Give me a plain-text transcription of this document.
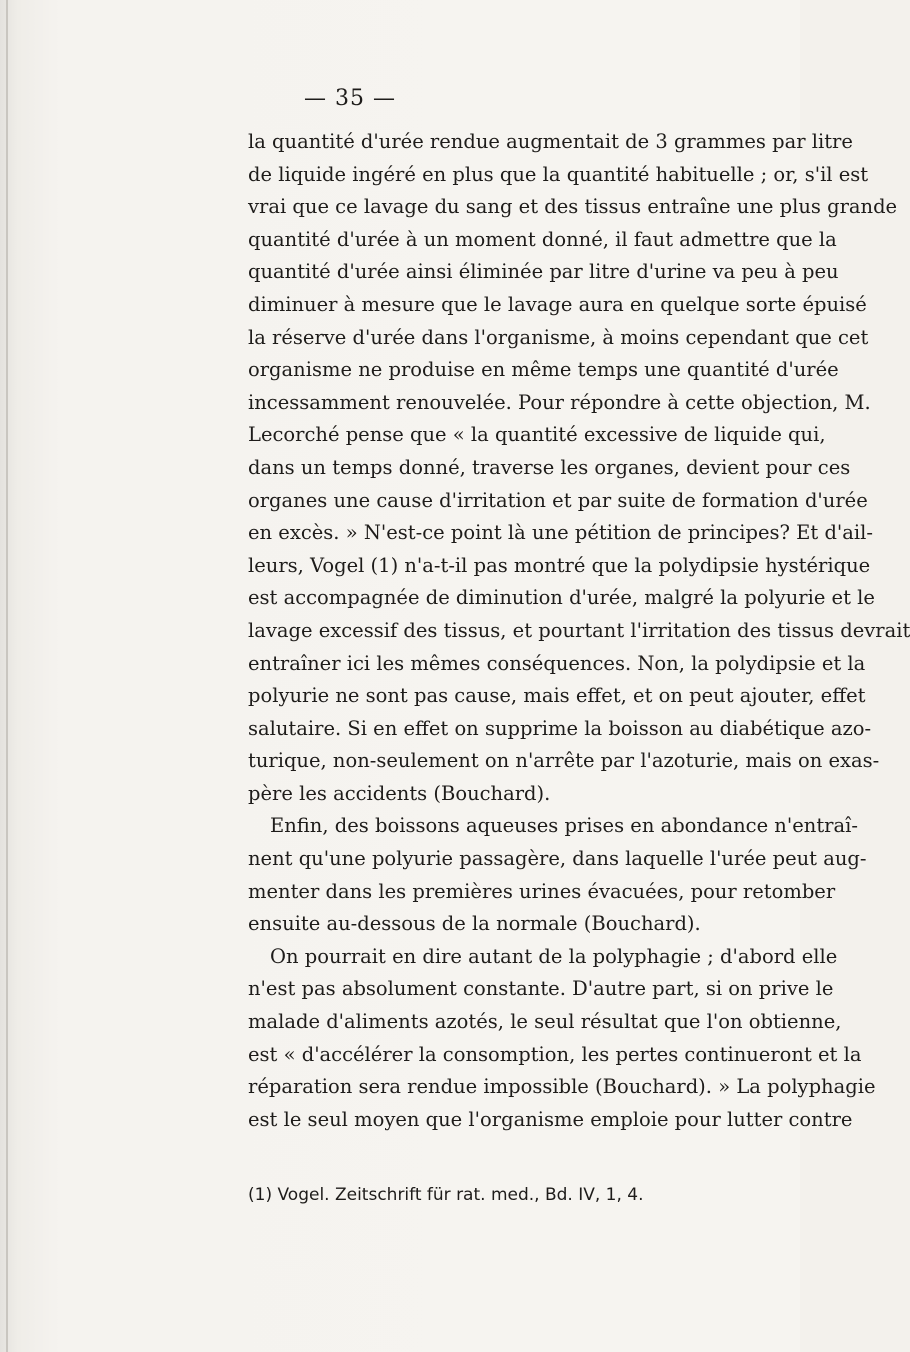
— 35 —
la quantité d'urée rendue augmentait de 3 grammes par litre
de liquide ingéré en plus que la quantité habituelle ; or, s'il est
vrai que ce lavage du sang et des tissus entraîne une plus grande
quantité d'urée à un moment donné, il faut admettre que la
quantité d'urée ainsi éliminée par litre d'urine va peu à peu
diminuer à mesure que le lavage aura en quelque sorte épuisé
la réserve d'urée dans l'organisme, à moins cependant que cet
organisme ne produise en même temps une quantité d'urée
incessamment renouvelée. Pour répondre à cette objection, M.
Lecorché pense que « la quantité excessive de liquide qui,
dans un temps donné, traverse les organes, devient pour ces
organes une cause d'irritation et par suite de formation d'urée
en excès. » N'est-ce point là une pétition de principes? Et d'ail-
leurs, Vogel (1) n'a-t-il pas montré que la polydipsie hystérique
est accompagnée de diminution d'urée, malgré la polyurie et le
lavage excessif des tissus, et pourtant l'irritation des tissus devrait
entraîner ici les mêmes conséquences. Non, la polydipsie et la
polyurie ne sont pas cause, mais effet, et on peut ajouter, effet
salutaire. Si en effet on supprime la boisson au diabétique azo-
turique, non-seulement on n'arrête par l'azoturie, mais on exas-
père les accidents (Bouchard).
Enfin, des boissons aqueuses prises en abondance n'entraî-
nent qu'une polyurie passagère, dans laquelle l'urée peut aug-
menter dans les premières urines évacuées, pour retomber
ensuite au-dessous de la normale (Bouchard).
On pourrait en dire autant de la polyphagie ; d'abord elle
n'est pas absolument constante. D'autre part, si on prive le
malade d'aliments azotés, le seul résultat que l'on obtienne,
est « d'accélérer la consomption, les pertes continueront et la
réparation sera rendue impossible (Bouchard). » La polyphagie
est le seul moyen que l'organisme emploie pour lutter contre
(1) Vogel. Zeitschrift für rat. med., Bd. IV, 1, 4.
